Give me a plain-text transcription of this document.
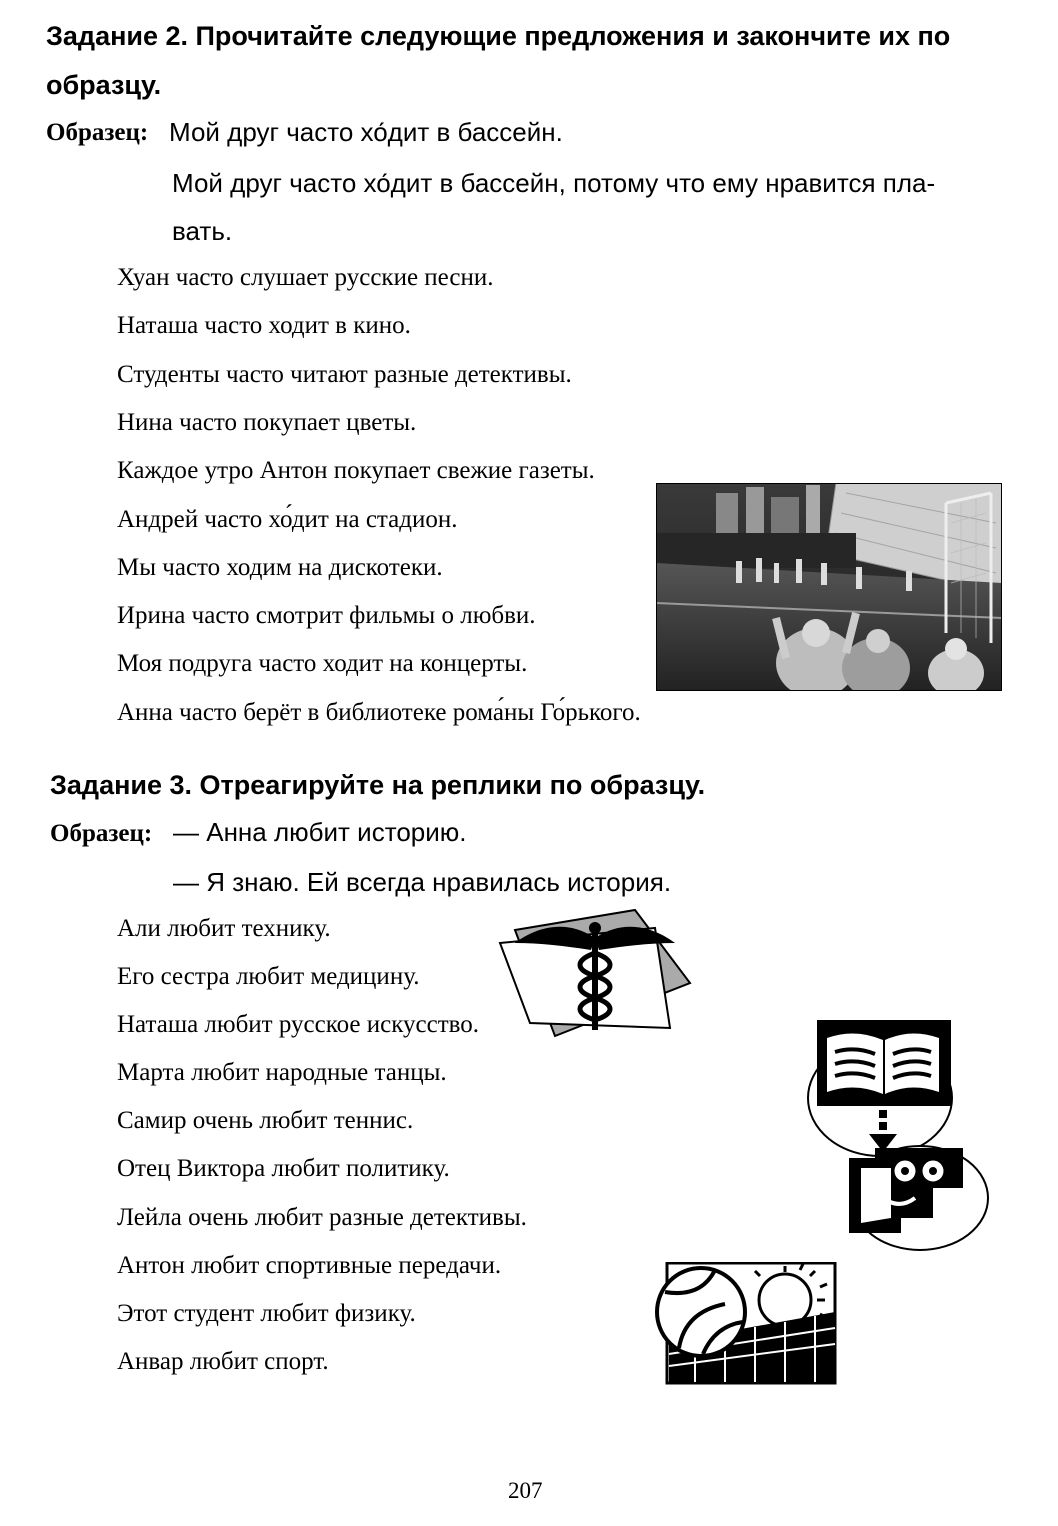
Задание 2. Прочитайте следующие предложения и закончите их по
образцу.
Образец: Мой друг часто хо́дит в бассейн.
Мой друг часто хо́дит в бассейн, потому что ему нравится пла-
вать.
Хуан часто слушает русские песни.
Наташа часто ходит в кино.
Студенты часто читают разные детективы.
Нина часто покупает цветы.
Каждое утро Антон покупает свежие газеты.
Андрей часто хо́дит на стадион.
Мы часто ходим на дискотеки.
Ирина часто смотрит фильмы о любви.
Моя подруга часто ходит на концерты.
Анна часто берёт в библиотеке рома́ны Го́рького.
Задание 3. Отреагируйте на реплики по образцу.
Образец: — Анна любит историю.
— Я знаю. Ей всегда нравилась история.
Али любит технику.
Его сестра любит медицину.
Наташа любит русское искусство.
Марта любит народные танцы.
Самир очень любит теннис.
Отец Виктора любит политику.
Лейла очень любит разные детективы.
Антон любит спортивные передачи.
Этот студент любит физику.
Анвар любит спорт.
207
